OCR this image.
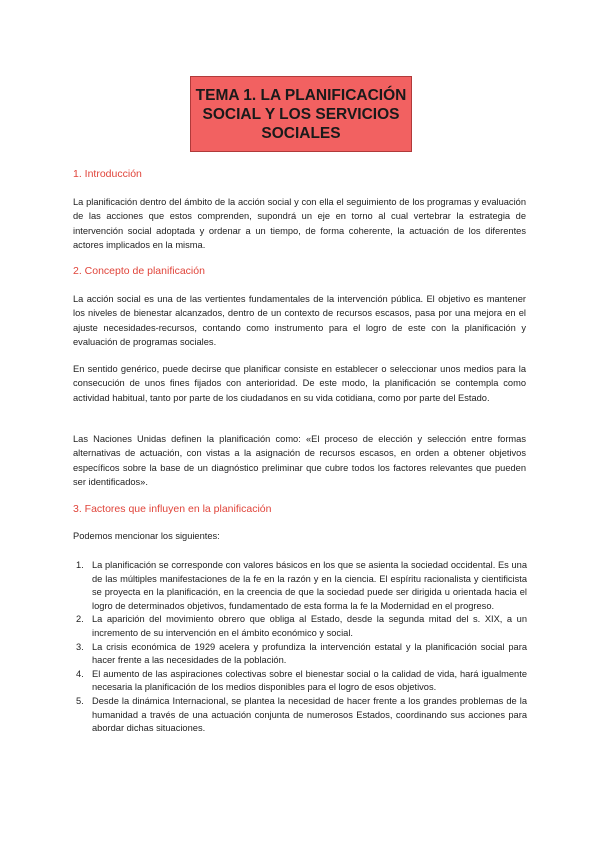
TEMA 1. LA PLANIFICACIÓN
SOCIAL Y LOS SERVICIOS
SOCIALES
1. Introducción

La planificación dentro del ámbito de la acción social y con ella el seguimiento de los programas y evaluación de las acciones que estos comprenden, supondrá un eje en torno al cual vertebrar la estrategia de intervención social adoptada y ordenar a un tiempo, de forma coherente, la actuación de los diferentes actores implicados en la misma.

2. Concepto de planificación

La acción social es una de las vertientes fundamentales de la intervención pública. El objetivo es mantener los niveles de bienestar alcanzados, dentro de un contexto de recursos escasos, pasa por una mejora en el ajuste necesidades-recursos, contando como instrumento para el logro de este con la planificación y evaluación de programas sociales.

En sentido genérico, puede decirse que planificar consiste en establecer o seleccionar unos medios para la consecución de unos fines fijados con anterioridad. De este modo, la planificación se contempla como actividad habitual, tanto por parte de los ciudadanos en su vida cotidiana, como por parte del Estado.

Las Naciones Unidas definen la planificación como: «El proceso de elección y selección entre formas alternativas de actuación, con vistas a la asignación de recursos escasos, en orden a obtener objetivos específicos sobre la base de un diagnóstico preliminar que cubre todos los factores relevantes que pueden ser identificados».

3. Factores que influyen en la planificación
Podemos mencionar los siguientes:
1. La planificación se corresponde con valores básicos en los que se asienta la sociedad occidental. Es una de las múltiples manifestaciones de la fe en la razón y en la ciencia. El espíritu racionalista y cientificista se proyecta en la planificación, en la creencia de que la sociedad puede ser dirigida u orientada hacia el logro de determinados objetivos, fundamentado de esta forma la fe la Modernidad en el progreso.
2. La aparición del movimiento obrero que obliga al Estado, desde la segunda mitad del s. XIX, a un incremento de su intervención en el ámbito económico y social.
3. La crisis económica de 1929 acelera y profundiza la intervención estatal y la planificación social para hacer frente a las necesidades de la población.
4. El aumento de las aspiraciones colectivas sobre el bienestar social o la calidad de vida, hará igualmente necesaria la planificación de los medios disponibles para el logro de esos objetivos.
5. Desde la dinámica Internacional, se plantea la necesidad de hacer frente a los grandes problemas de la humanidad a través de una actuación conjunta de numerosos Estados, coordinando sus acciones para abordar dichas situaciones.
